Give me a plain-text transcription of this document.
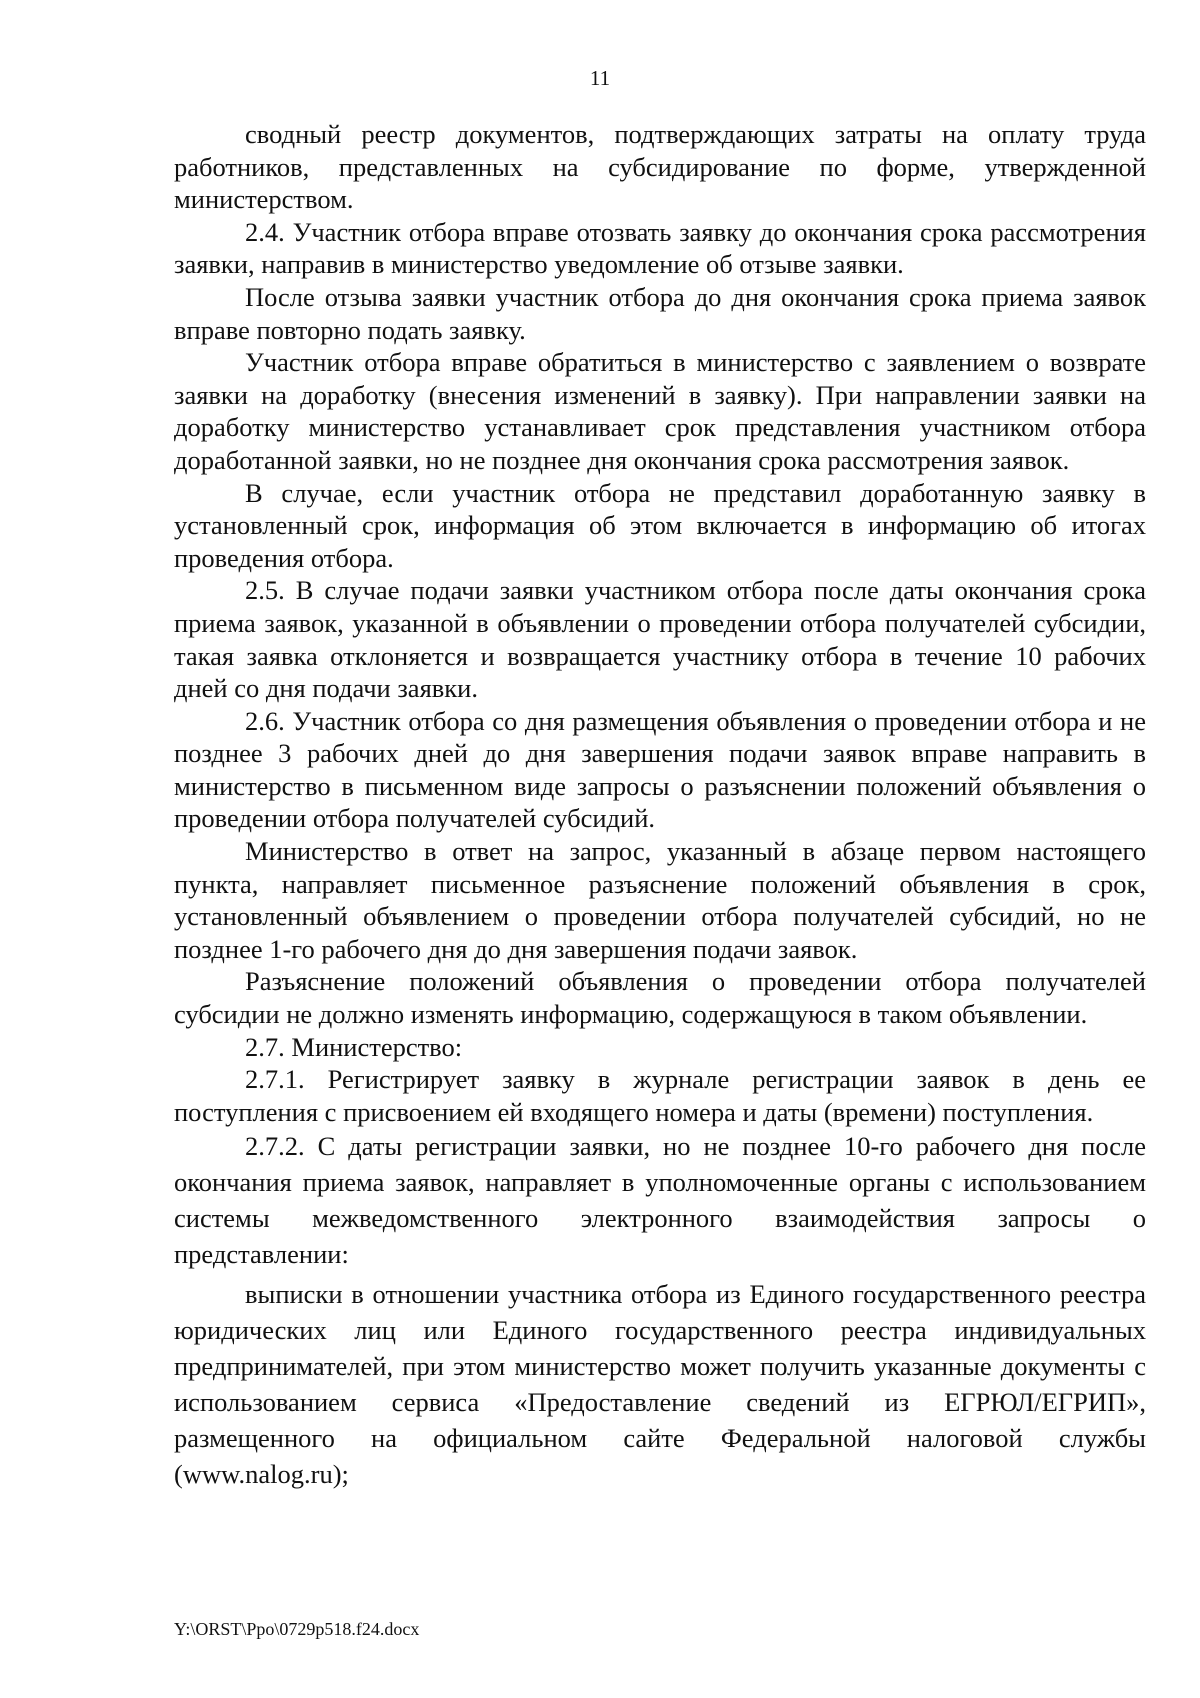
11

сводный реестр документов, подтверждающих затраты на оплату труда работников, представленных на субсидирование по форме, утвержденной министерством.

2.4. Участник отбора вправе отозвать заявку до окончания срока рассмотрения заявки, направив в министерство уведомление об отзыве заявки.

После отзыва заявки участник отбора до дня окончания срока приема заявок вправе повторно подать заявку.

Участник отбора вправе обратиться в министерство с заявлением о возврате заявки на доработку (внесения изменений в заявку). При направлении заявки на доработку министерство устанавливает срок представления участником отбора доработанной заявки, но не позднее дня окончания срока рассмотрения заявок.

В случае, если участник отбора не представил доработанную заявку в установленный срок, информация об этом включается в информацию об итогах проведения отбора.

2.5. В случае подачи заявки участником отбора после даты окончания срока приема заявок, указанной в объявлении о проведении отбора получателей субсидии, такая заявка отклоняется и возвращается участнику отбора в течение 10 рабочих дней со дня подачи заявки.

2.6. Участник отбора со дня размещения объявления о проведении отбора и не позднее 3 рабочих дней до дня завершения подачи заявок вправе направить в министерство в письменном виде запросы о разъяснении положений объявления о проведении отбора получателей субсидий.

Министерство в ответ на запрос, указанный в абзаце первом настоящего пункта, направляет письменное разъяснение положений объявления в срок, установленный объявлением о проведении отбора получателей субсидий, но не позднее 1-го рабочего дня до дня завершения подачи заявок.

Разъяснение положений объявления о проведении отбора получателей субсидии не должно изменять информацию, содержащуюся в таком объявлении.

2.7. Министерство:

2.7.1. Регистрирует заявку в журнале регистрации заявок в день ее поступления с присвоением ей входящего номера и даты (времени) поступления.

2.7.2. С даты регистрации заявки, но не позднее 10-го рабочего дня после окончания приема заявок, направляет в уполномоченные органы с использованием системы межведомственного электронного взаимодействия запросы о представлении:

выписки в отношении участника отбора из Единого государственного реестра юридических лиц или Единого государственного реестра индивидуальных предпринимателей, при этом министерство может получить указанные документы с использованием сервиса «Предоставление сведений из ЕГРЮЛ/ЕГРИП», размещенного на официальном сайте Федеральной налоговой службы (www.nalog.ru);

Y:\ORST\Ppo\0729p518.f24.docx
